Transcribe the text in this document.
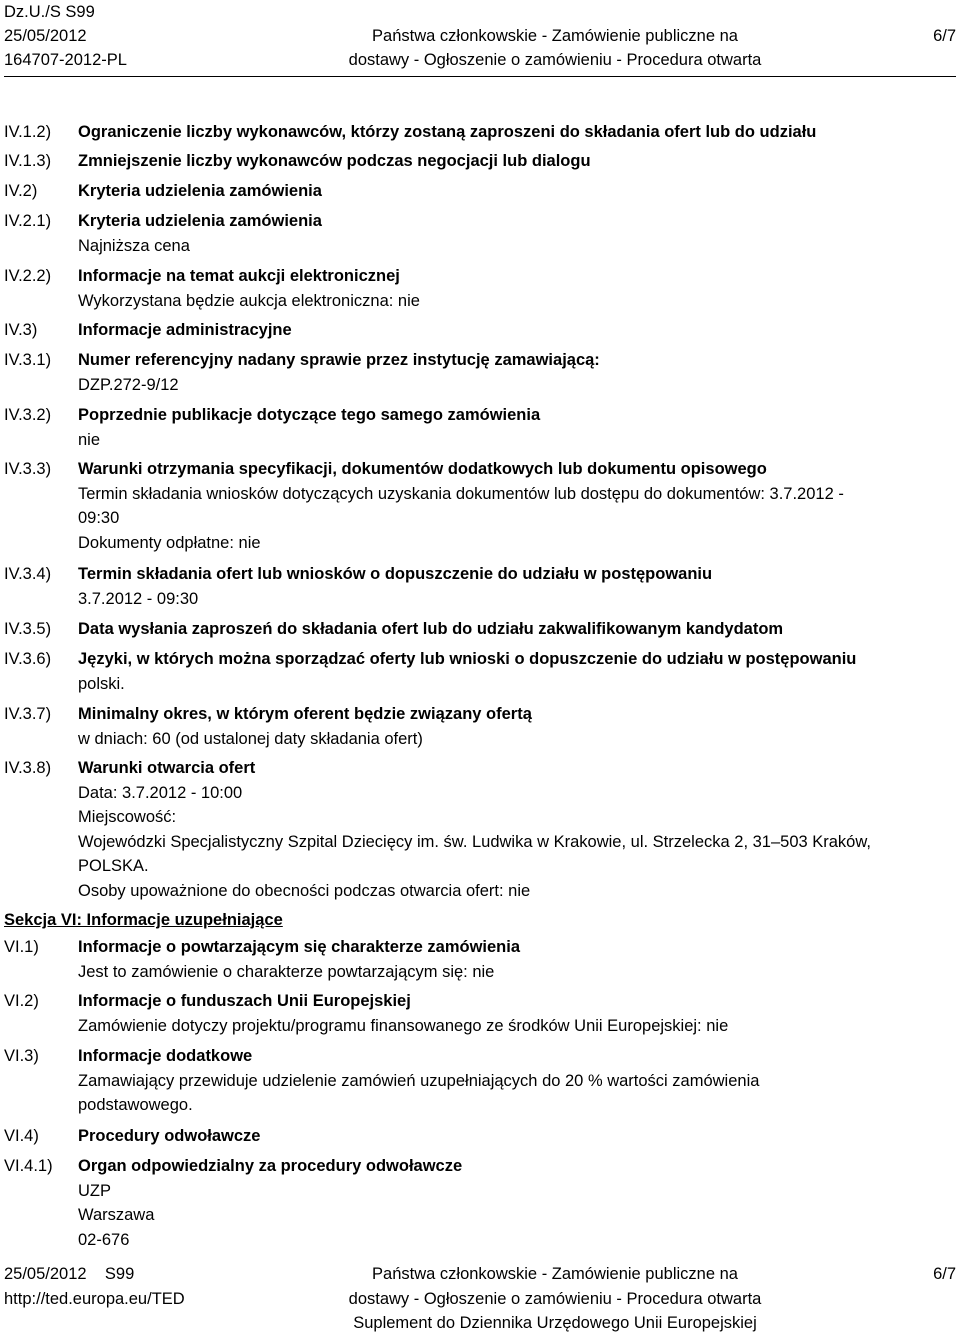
Dz.U./S S99
25/05/2012
164707-2012-PL
Państwa członkowskie - Zamówienie publiczne na
dostawy - Ogłoszenie o zamówieniu - Procedura otwarta
6/7
IV.1.2)	Ograniczenie liczby wykonawców, którzy zostaną zaproszeni do składania ofert lub do udziału
IV.1.3)	Zmniejszenie liczby wykonawców podczas negocjacji lub dialogu
IV.2)	Kryteria udzielenia zamówienia
IV.2.1)	Kryteria udzielenia zamówienia
Najniższa cena
IV.2.2)	Informacje na temat aukcji elektronicznej
Wykorzystana będzie aukcja elektroniczna: nie
IV.3)	Informacje administracyjne
IV.3.1)	Numer referencyjny nadany sprawie przez instytucję zamawiającą:
DZP.272-9/12
IV.3.2)	Poprzednie publikacje dotyczące tego samego zamówienia
nie
IV.3.3)	Warunki otrzymania specyfikacji, dokumentów dodatkowych lub dokumentu opisowego
Termin składania wniosków dotyczących uzyskania dokumentów lub dostępu do dokumentów: 3.7.2012 -
09:30
Dokumenty odpłatne: nie
IV.3.4)	Termin składania ofert lub wniosków o dopuszczenie do udziału w postępowaniu
3.7.2012 - 09:30
IV.3.5)	Data wysłania zaproszeń do składania ofert lub do udziału zakwalifikowanym kandydatom
IV.3.6)	Języki, w których można sporządzać oferty lub wnioski o dopuszczenie do udziału w postępowaniu
polski.
IV.3.7)	Minimalny okres, w którym oferent będzie związany ofertą
w dniach: 60 (od ustalonej daty składania ofert)
IV.3.8)	Warunki otwarcia ofert
Data: 3.7.2012 - 10:00
Miejscowość:
Wojewódzki Specjalistyczny Szpital Dziecięcy im. św. Ludwika w Krakowie, ul. Strzelecka 2, 31–503 Kraków,
POLSKA.
Osoby upoważnione do obecności podczas otwarcia ofert: nie
Sekcja VI: Informacje uzupełniające
VI.1)	Informacje o powtarzającym się charakterze zamówienia
Jest to zamówienie o charakterze powtarzającym się: nie
VI.2)	Informacje o funduszach Unii Europejskiej
Zamówienie dotyczy projektu/programu finansowanego ze środków Unii Europejskiej: nie
VI.3)	Informacje dodatkowe
Zamawiający przewiduje udzielenie zamówień uzupełniających do 20 % wartości zamówienia
podstawowego.
VI.4)	Procedury odwoławcze
VI.4.1)	Organ odpowiedzialny za procedury odwoławcze
UZP
Warszawa
02-676
25/05/2012    S99
http://ted.europa.eu/TED
Państwa członkowskie - Zamówienie publiczne na
dostawy - Ogłoszenie o zamówieniu - Procedura otwarta
Suplement do Dziennika Urzędowego Unii Europejskiej
6/7
